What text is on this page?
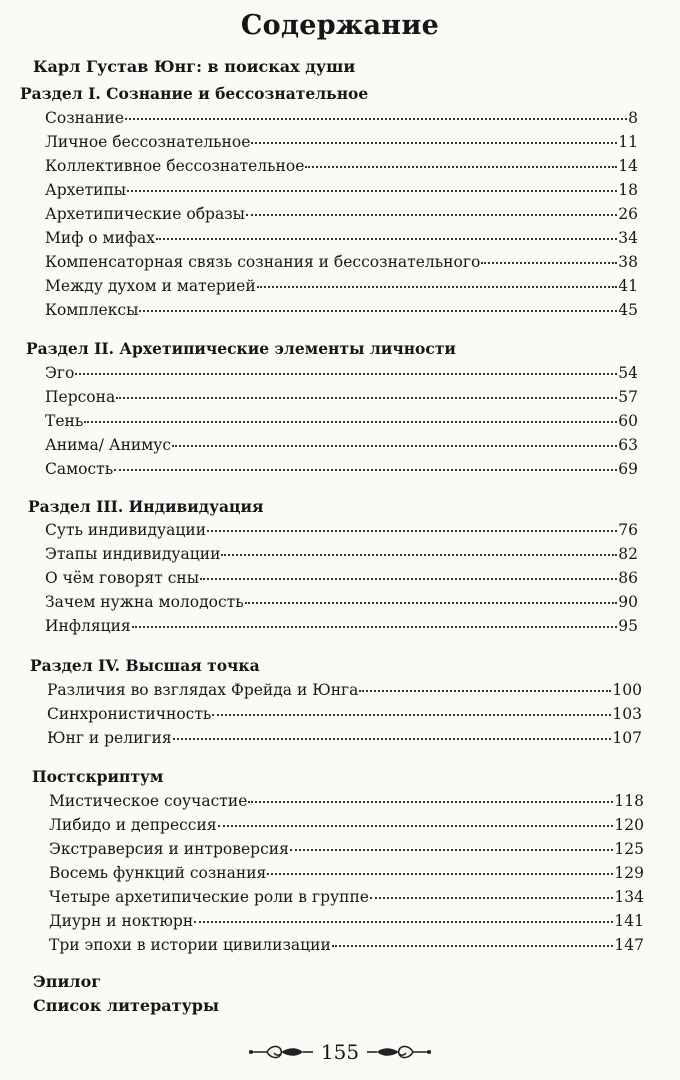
Содержание
Карл Густав Юнг: в поисках души
Раздел I. Сознание и бессознательное
Сознание	8
Личное бессознательное	11
Коллективное бессознательное	14
Архетипы	18
Архетипические образы	26
Миф о мифах	34
Компенсаторная связь сознания и бессознательного	38
Между духом и материей	41
Комплексы	45
Раздел II. Архетипические элементы личности
Эго	54
Персона	57
Тень	60
Анима/ Анимус	63
Самость	69
Раздел III. Индивидуация
Суть индивидуации	76
Этапы индивидуации	82
О чём говорят сны	86
Зачем нужна молодость	90
Инфляция	95
Раздел IV. Высшая точка
Различия во взглядах Фрейда и Юнга	100
Синхронистичность	103
Юнг и религия	107
Постскриптум
Мистическое соучастие	118
Либидо и депрессия	120
Экстраверсия и интроверсия	125
Восемь функций сознания	129
Четыре архетипические роли в группе	134
Диурн и ноктюрн	141
Три эпохи в истории цивилизации	147
Эпилог
Список литературы
155
